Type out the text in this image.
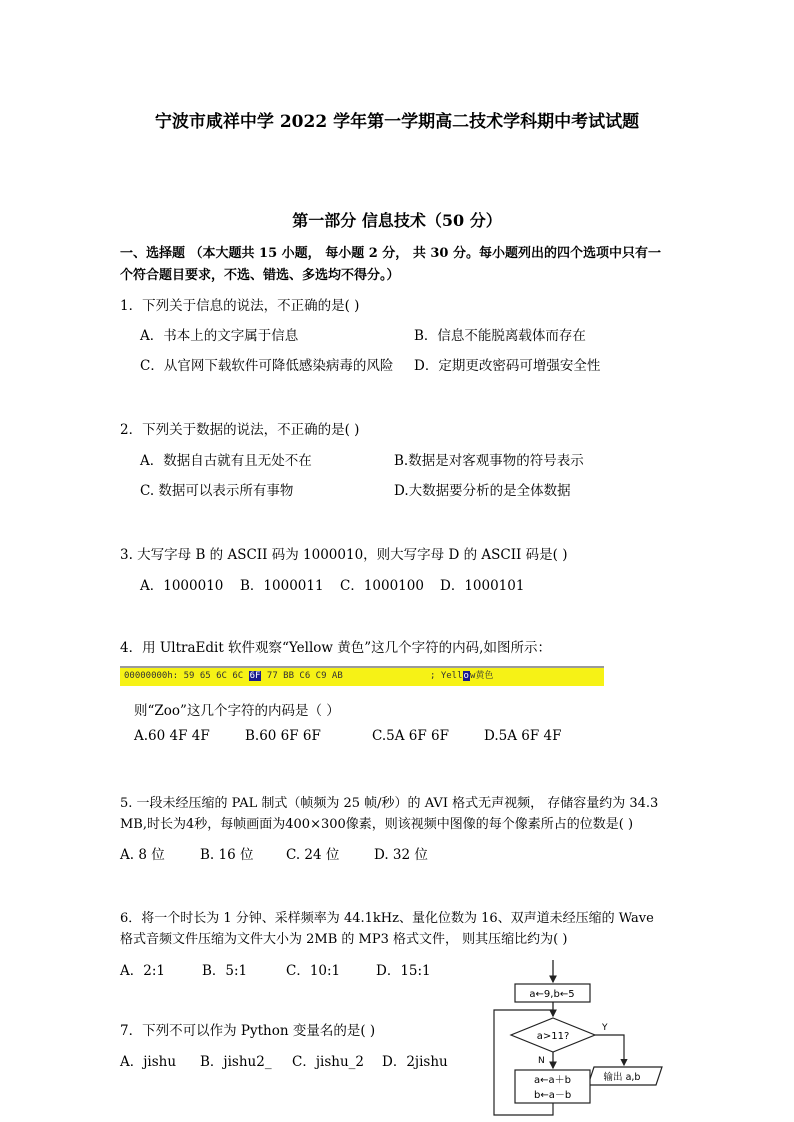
宁波市咸祥中学 2022 学年第一学期高二技术学科期中考试试题
第一部分 信息技术（50 分）
一、选择题 （本大题共 15 小题， 每小题 2 分， 共 30 分。每小题列出的四个选项中只有一
个符合题目要求，不选、错选、多选均不得分。）
1．下列关于信息的说法，不正确的是( )
A．书本上的文字属于信息	B．信息不能脱离载体而存在
C．从官网下载软件可降低感染病毒的风险 D．定期更改密码可增强安全性
2．下列关于数据的说法，不正确的是( )
A．数据自古就有且无处不在	B.数据是对客观事物的符号表示
C. 数据可以表示所有事物	D.大数据要分析的是全体数据
3. 大写字母 B 的 ASCII 码为 1000010，则大写字母 D 的 ASCII 码是( )
A．1000010 B．1000011 C．1000100 D．1000101
4．用 UltraEdit 软件观察“Yellow 黄色”这几个字符的内码,如图所示：
00000000h: 59 65 6C 6C 6F 77 BB C6 C9 AB	; Yellow黄色
则“Zoo”这几个字符的内码是（ ）
A.60 4F 4F	B.60 6F 6F	C.5A 6F 6F	D.5A 6F 4F
5. 一段未经压缩的 PAL 制式（帧频为 25 帧/秒）的 AVI 格式无声视频， 存储容量约为 34.3
MB,时长为4秒，每帧画面为400×300像素，则该视频中图像的每个像素所占的位数是( )
A. 8 位	B. 16 位 C. 24 位	D. 32 位
6．将一个时长为 1 分钟、采样频率为 44.1kHz、量化位数为 16、双声道未经压缩的 Wave
格式音频文件压缩为文件大小为 2MB 的 MP3 格式文件， 则其压缩比约为( )
A．2:1	B．5:1	C．10:1	D．15:1
7．下列不可以作为 Python 变量名的是( )
A．jishu B．jishu2_ C．jishu_2 D．2jishu
a←9,b←5
a>11?
Y
输出 a,b
N
a←a＋b
b←a－b
